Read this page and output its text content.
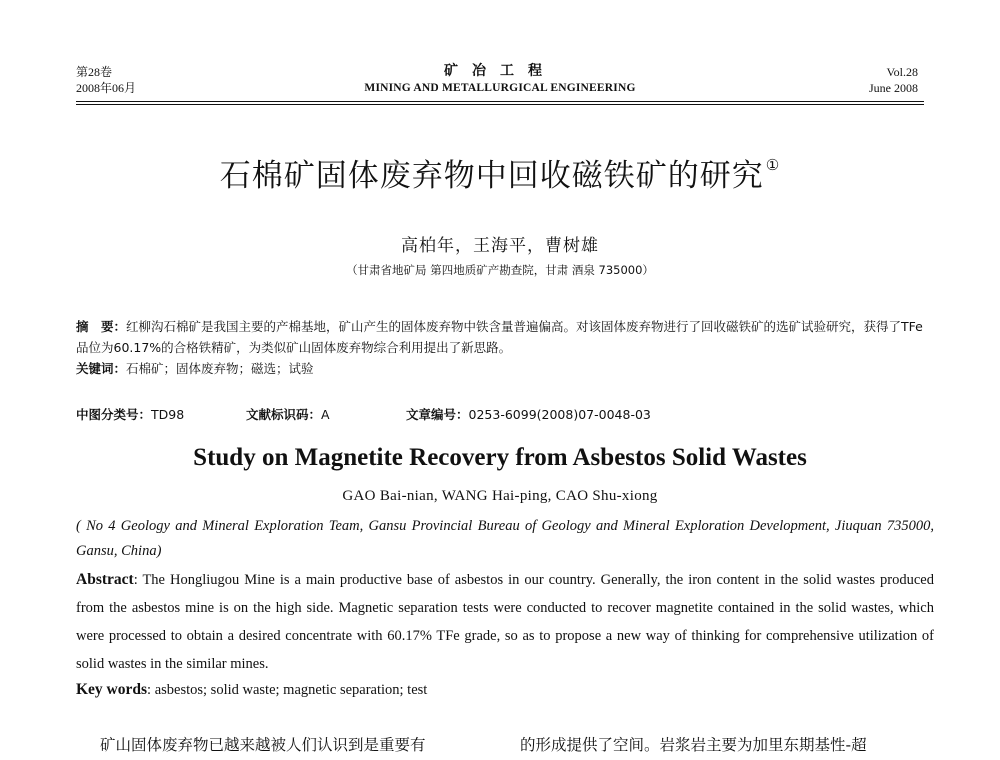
第28卷
2008年06月
矿冶工程
MINING AND METALLURGICAL ENGINEERING
Vol.28
June 2008
石棉矿固体废弃物中回收磁铁矿的研究 ①
高柏年，王海平，曹树雄
（甘肃省地矿局 第四地质矿产勘查院，甘肃 酒泉 735000）
摘　要：红柳沟石棉矿是我国主要的产棉基地，矿山产生的固体废弃物中铁含量普遍偏高。对该固体废弃物进行了回收磁铁矿的选矿试验研究，获得了TFe品位为60.17%的合格铁精矿，为类似矿山固体废弃物综合利用提出了新思路。
关键词：石棉矿；固体废弃物；磁选；试验
中图分类号：TD98	文献标识码：A	文章编号：0253-6099(2008)07-0048-03
Study on Magnetite Recovery from Asbestos Solid Wastes
GAO Bai-nian, WANG Hai-ping, CAO Shu-xiong
( No 4 Geology and Mineral Exploration Team, Gansu Provincial Bureau of Geology and Mineral Exploration Development, Jiuquan 735000, Gansu, China)
Abstract: The Hongliugou Mine is a main productive base of asbestos in our country. Generally, the iron content in the solid wastes produced from the asbestos mine is on the high side. Magnetic separation tests were conducted to recover magnetite contained in the solid wastes, which were processed to obtain a desired concentrate with 60.17% TFe grade, so as to propose a new way of thinking for comprehensive utilization of solid wastes in the similar mines.
Key words: asbestos; solid waste; magnetic separation; test
矿山固体废弃物已越来越被人们认识到是重要有	的形成提供了空间。岩浆岩主要为加里东期基性-超
